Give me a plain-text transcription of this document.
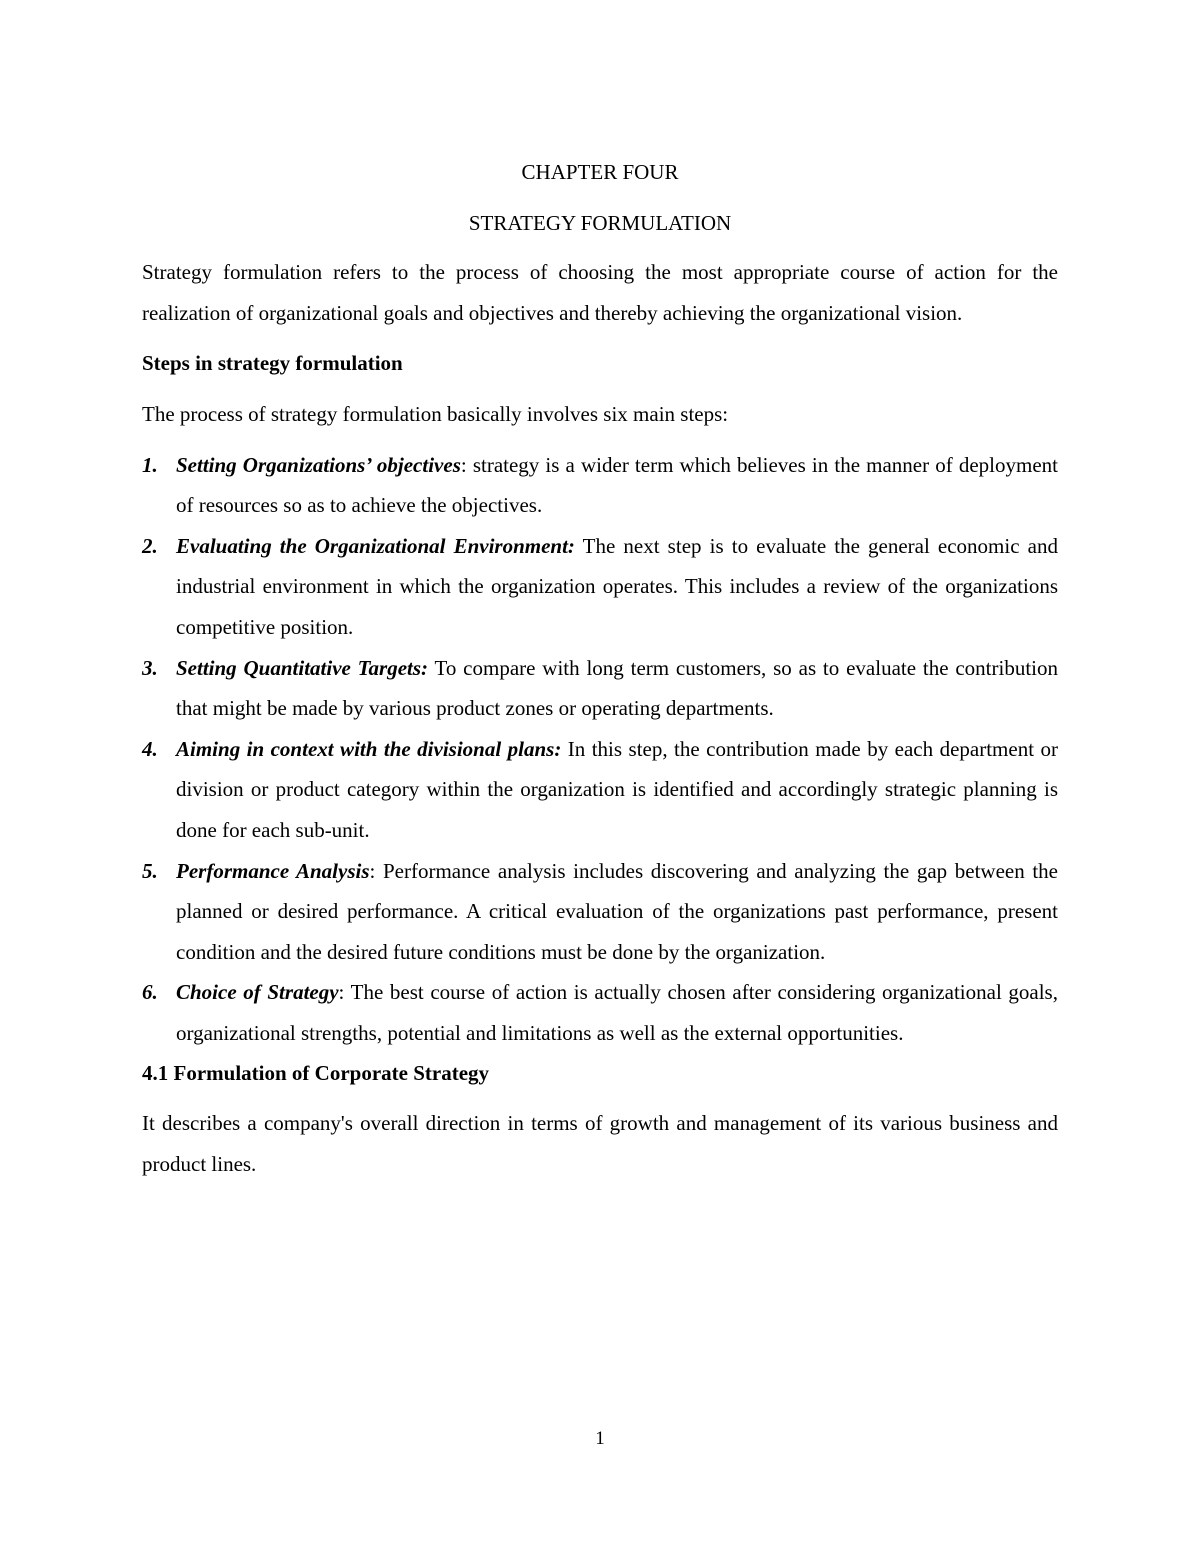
CHAPTER FOUR

STRATEGY FORMULATION

Strategy formulation refers to the process of choosing the most appropriate course of action for the realization of organizational goals and objectives and thereby achieving the organizational vision.

Steps in strategy formulation

The process of strategy formulation basically involves six main steps:

1. Setting Organizations’ objectives: strategy is a wider term which believes in the manner of deployment of resources so as to achieve the objectives.
2. Evaluating the Organizational Environment: The next step is to evaluate the general economic and industrial environment in which the organization operates. This includes a review of the organizations competitive position.
3. Setting Quantitative Targets: To compare with long term customers, so as to evaluate the contribution that might be made by various product zones or operating departments.
4. Aiming in context with the divisional plans: In this step, the contribution made by each department or division or product category within the organization is identified and accordingly strategic planning is done for each sub-unit.
5. Performance Analysis: Performance analysis includes discovering and analyzing the gap between the planned or desired performance. A critical evaluation of the organizations past performance, present condition and the desired future conditions must be done by the organization.
6. Choice of Strategy: The best course of action is actually chosen after considering organizational goals, organizational strengths, potential and limitations as well as the external opportunities.

4.1 Formulation of Corporate Strategy

It describes a company's overall direction in terms of growth and management of its various business and product lines.

1
